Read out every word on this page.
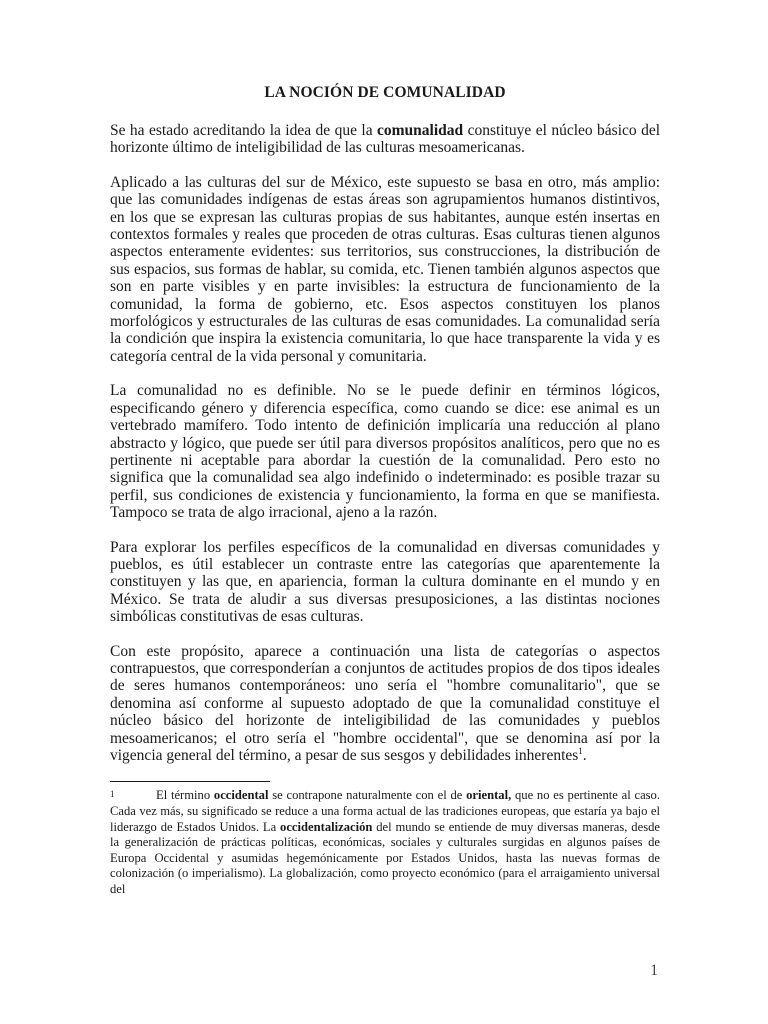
LA NOCIÓN DE COMUNALIDAD

Se ha estado acreditando la idea de que la comunalidad constituye el núcleo básico del horizonte último de inteligibilidad de las culturas mesoamericanas.

Aplicado a las culturas del sur de México, este supuesto se basa en otro, más amplio: que las comunidades indígenas de estas áreas son agrupamientos humanos distintivos, en los que se expresan las culturas propias de sus habitantes, aunque estén insertas en contextos formales y reales que proceden de otras culturas. Esas culturas tienen algunos aspectos enteramente evidentes: sus territorios, sus construcciones, la distribución de sus espacios, sus formas de hablar, su comida, etc. Tienen también algunos aspectos que son en parte visibles y en parte invisibles: la estructura de funcionamiento de la comunidad, la forma de gobierno, etc. Esos aspectos constituyen los planos morfológicos y estructurales de las culturas de esas comunidades. La comunalidad sería la condición que inspira la existencia comunitaria, lo que hace transparente la vida y es categoría central de la vida personal y comunitaria.

La comunalidad no es definible. No se le puede definir en términos lógicos, especificando género y diferencia específica, como cuando se dice: ese animal es un vertebrado mamífero. Todo intento de definición implicaría una reducción al plano abstracto y lógico, que puede ser útil para diversos propósitos analíticos, pero que no es pertinente ni aceptable para abordar la cuestión de la comunalidad. Pero esto no significa que la comunalidad sea algo indefinido o indeterminado: es posible trazar su perfil, sus condiciones de existencia y funcionamiento, la forma en que se manifiesta. Tampoco se trata de algo irracional, ajeno a la razón.

Para explorar los perfiles específicos de la comunalidad en diversas comunidades y pueblos, es útil establecer un contraste entre las categorías que aparentemente la constituyen y las que, en apariencia, forman la cultura dominante en el mundo y en México. Se trata de aludir a sus diversas presuposiciones, a las distintas nociones simbólicas constitutivas de esas culturas.

Con este propósito, aparece a continuación una lista de categorías o aspectos contrapuestos, que corresponderían a conjuntos de actitudes propios de dos tipos ideales de seres humanos contemporáneos: uno sería el "hombre comunalitario", que se denomina así conforme al supuesto adoptado de que la comunalidad constituye el núcleo básico del horizonte de inteligibilidad de las comunidades y pueblos mesoamericanos; el otro sería el "hombre occidental", que se denomina así por la vigencia general del término, a pesar de sus sesgos y debilidades inherentes$^1$.

1	El término occidental se contrapone naturalmente con el de oriental, que no es pertinente al caso. Cada vez más, su significado se reduce a una forma actual de las tradiciones europeas, que estaría ya bajo el liderazgo de Estados Unidos. La occidentalización del mundo se entiende de muy diversas maneras, desde la generalización de prácticas políticas, económicas, sociales y culturales surgidas en algunos países de Europa Occidental y asumidas hegemónicamente por Estados Unidos, hasta las nuevas formas de colonización (o imperialismo). La globalización, como proyecto económico (para el arraigamiento universal del

1
